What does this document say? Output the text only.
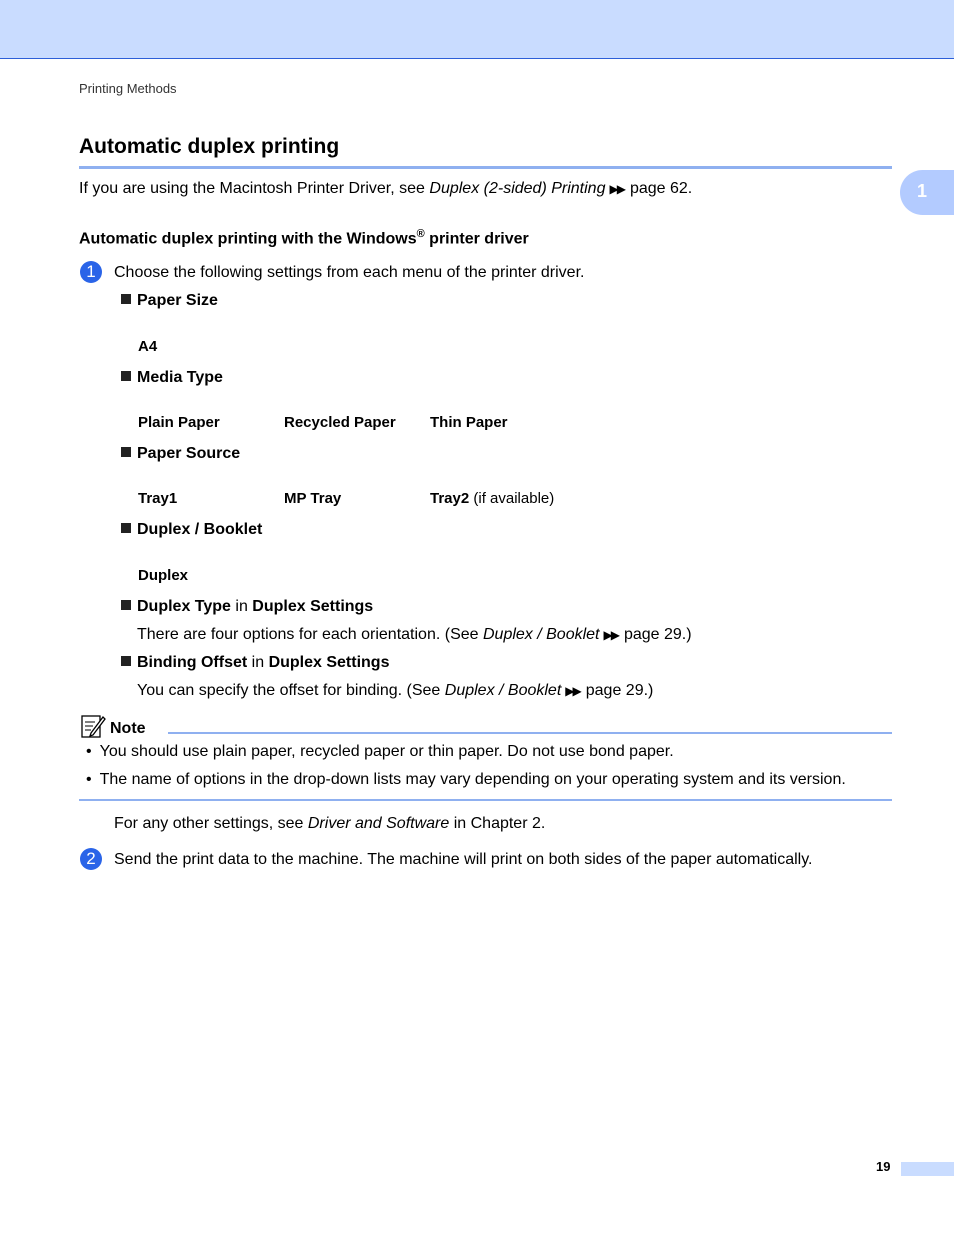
Printing Methods
Automatic duplex printing
1
If you are using the Macintosh Printer Driver, see Duplex (2-sided) Printing ▶▶ page 62.
Automatic duplex printing with the Windows® printer driver
1	Choose the following settings from each menu of the printer driver.
Paper Size
A4
Media Type
Plain Paper	Recycled Paper Thin Paper
Paper Source
Tray1	MP Tray	Tray2 (if available)
Duplex / Booklet
Duplex
Duplex Type in Duplex Settings
There are four options for each orientation. (See Duplex / Booklet ▶▶ page 29.)
Binding Offset in Duplex Settings
You can specify the offset for binding. (See Duplex / Booklet ▶▶ page 29.)
Note
• You should use plain paper, recycled paper or thin paper. Do not use bond paper.
• The name of options in the drop-down lists may vary depending on your operating system and its version.
For any other settings, see Driver and Software in Chapter 2.
2	Send the print data to the machine. The machine will print on both sides of the paper automatically.
19
